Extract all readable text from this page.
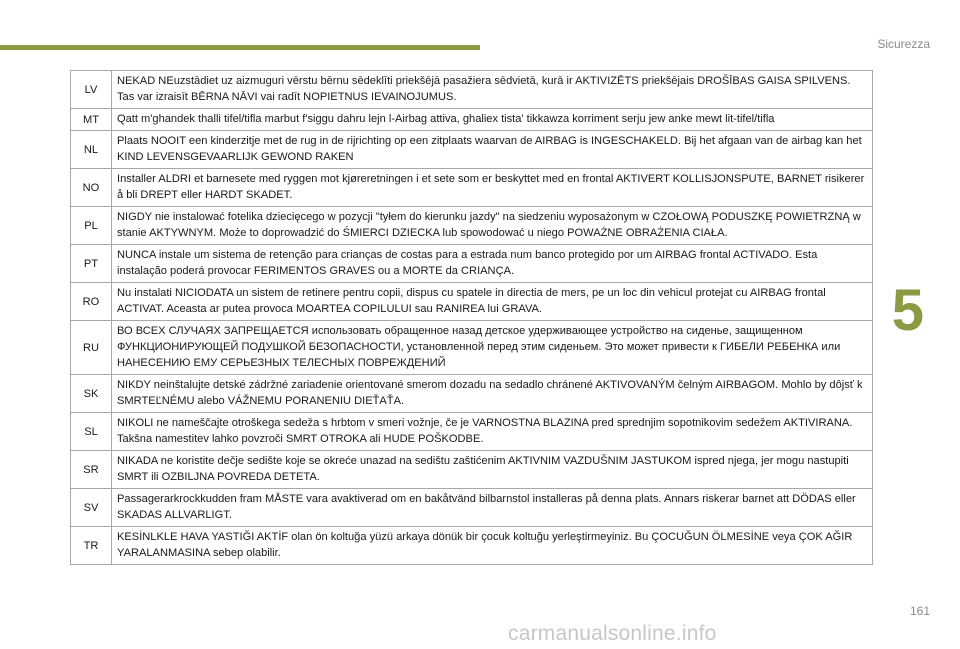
Sicurezza
LV	NEKAD NEuzstādiet uz aizmuguri vērstu bērnu sēdeklīti priekšējā pasažiera sēdvietā, kurā ir AKTIVIZĒTS priekšējais DROŠĪBAS GAISA SPILVENS. Tas var izraisīt BĒRNA NĀVI vai radīt NOPIETNUS IEVAINOJUMUS.
MT	Qatt m'ghandek thalli tifel/tifla marbut f'siggu dahru lejn l-Airbag attiva, ghaliex tista' tikkawza korriment serju jew anke mewt lit-tifel/tifla
NL	Plaats NOOIT een kinderzitje met de rug in de rijrichting op een zitplaats waarvan de AIRBAG is INGESCHAKELD. Bij het afgaan van de airbag kan het KIND LEVENSGEVAARLIJK GEWOND RAKEN
NO	Installer ALDRI et barnesete med ryggen mot kjøreretningen i et sete som er beskyttet med en frontal AKTIVERT KOLLISJONSPUTE, BARNET risikerer å bli DREPT eller HARDT SKADET.
PL	NIGDY nie instalować fotelika dziecięcego w pozycji "tyłem do kierunku jazdy" na siedzeniu wyposażonym w CZOŁOWĄ PODUSZKĘ POWIETRZNĄ w stanie AKTYWNYM. Może to doprowadzić do ŚMIERCI DZIECKA lub spowodować u niego POWAŻNE OBRAŻENIA CIAŁA.
PT	NUNCA instale um sistema de retenção para crianças de costas para a estrada num banco protegido por um AIRBAG frontal ACTIVADO. Esta instalação poderá provocar FERIMENTOS GRAVES ou a MORTE da CRIANÇA.
RO	Nu instalati NICIODATA un sistem de retinere pentru copii, dispus cu spatele in directia de mers, pe un loc din vehicul protejat cu AIRBAG frontal ACTIVAT. Aceasta ar putea provoca MOARTEA COPILULUI sau RANIREA lui GRAVA.
RU	ВО ВСЕХ СЛУЧАЯХ ЗАПРЕЩАЕТСЯ использовать обращенное назад детское удерживающее устройство на сиденье, защищенном ФУНКЦИОНИРУЮЩЕЙ ПОДУШКОЙ БЕЗОПАСНОСТИ, установленной перед этим сиденьем. Это может привести к ГИБЕЛИ РЕБЕНКА или НАНЕСЕНИЮ ЕМУ СЕРЬЕЗНЫХ ТЕЛЕСНЫХ ПОВРЕЖДЕНИЙ
SK	NIKDY neinštalujte detské zádržné zariadenie orientované smerom dozadu na sedadlo chránené AKTIVOVANÝM čelným AIRBAGOM. Mohlo by dôjsť k SMRTEĽNÉMU alebo VÁŽNEMU PORANENIU DIEŤAŤA.
SL	NIKOLI ne nameščajte otroškega sedeža s hrbtom v smeri vožnje, če je VARNOSTNA BLAZINA pred sprednjim sopotnikovim sedežem AKTIVIRANA. Takšna namestitev lahko povzroči SMRT OTROKA ali HUDE POŠKODBE.
SR	NIKADA ne koristite dečje sedište koje se okreće unazad na sedištu zaštićenim AKTIVNIM VAZDUŠNIM JASTUKOM ispred njega, jer mogu nastupiti SMRT ili OZBILJNA POVREDA DETETA.
SV	Passagerarkrockkudden fram MÅSTE vara avaktiverad om en bakåtvänd bilbarnstol installeras på denna plats. Annars riskerar barnet att DÖDAS eller SKADAS ALLVARLIGT.
TR	KESİNLKLE HAVA YASTIĞI AKTİF olan ön koltuğa yüzü arkaya dönük bir çocuk koltuğu yerleştirmeyiniz. Bu ÇOCUĞUN ÖLMESİNE veya ÇOK AĞIR YARALANMASINA sebep olabilir.
5
161
carmanualsonline.info
